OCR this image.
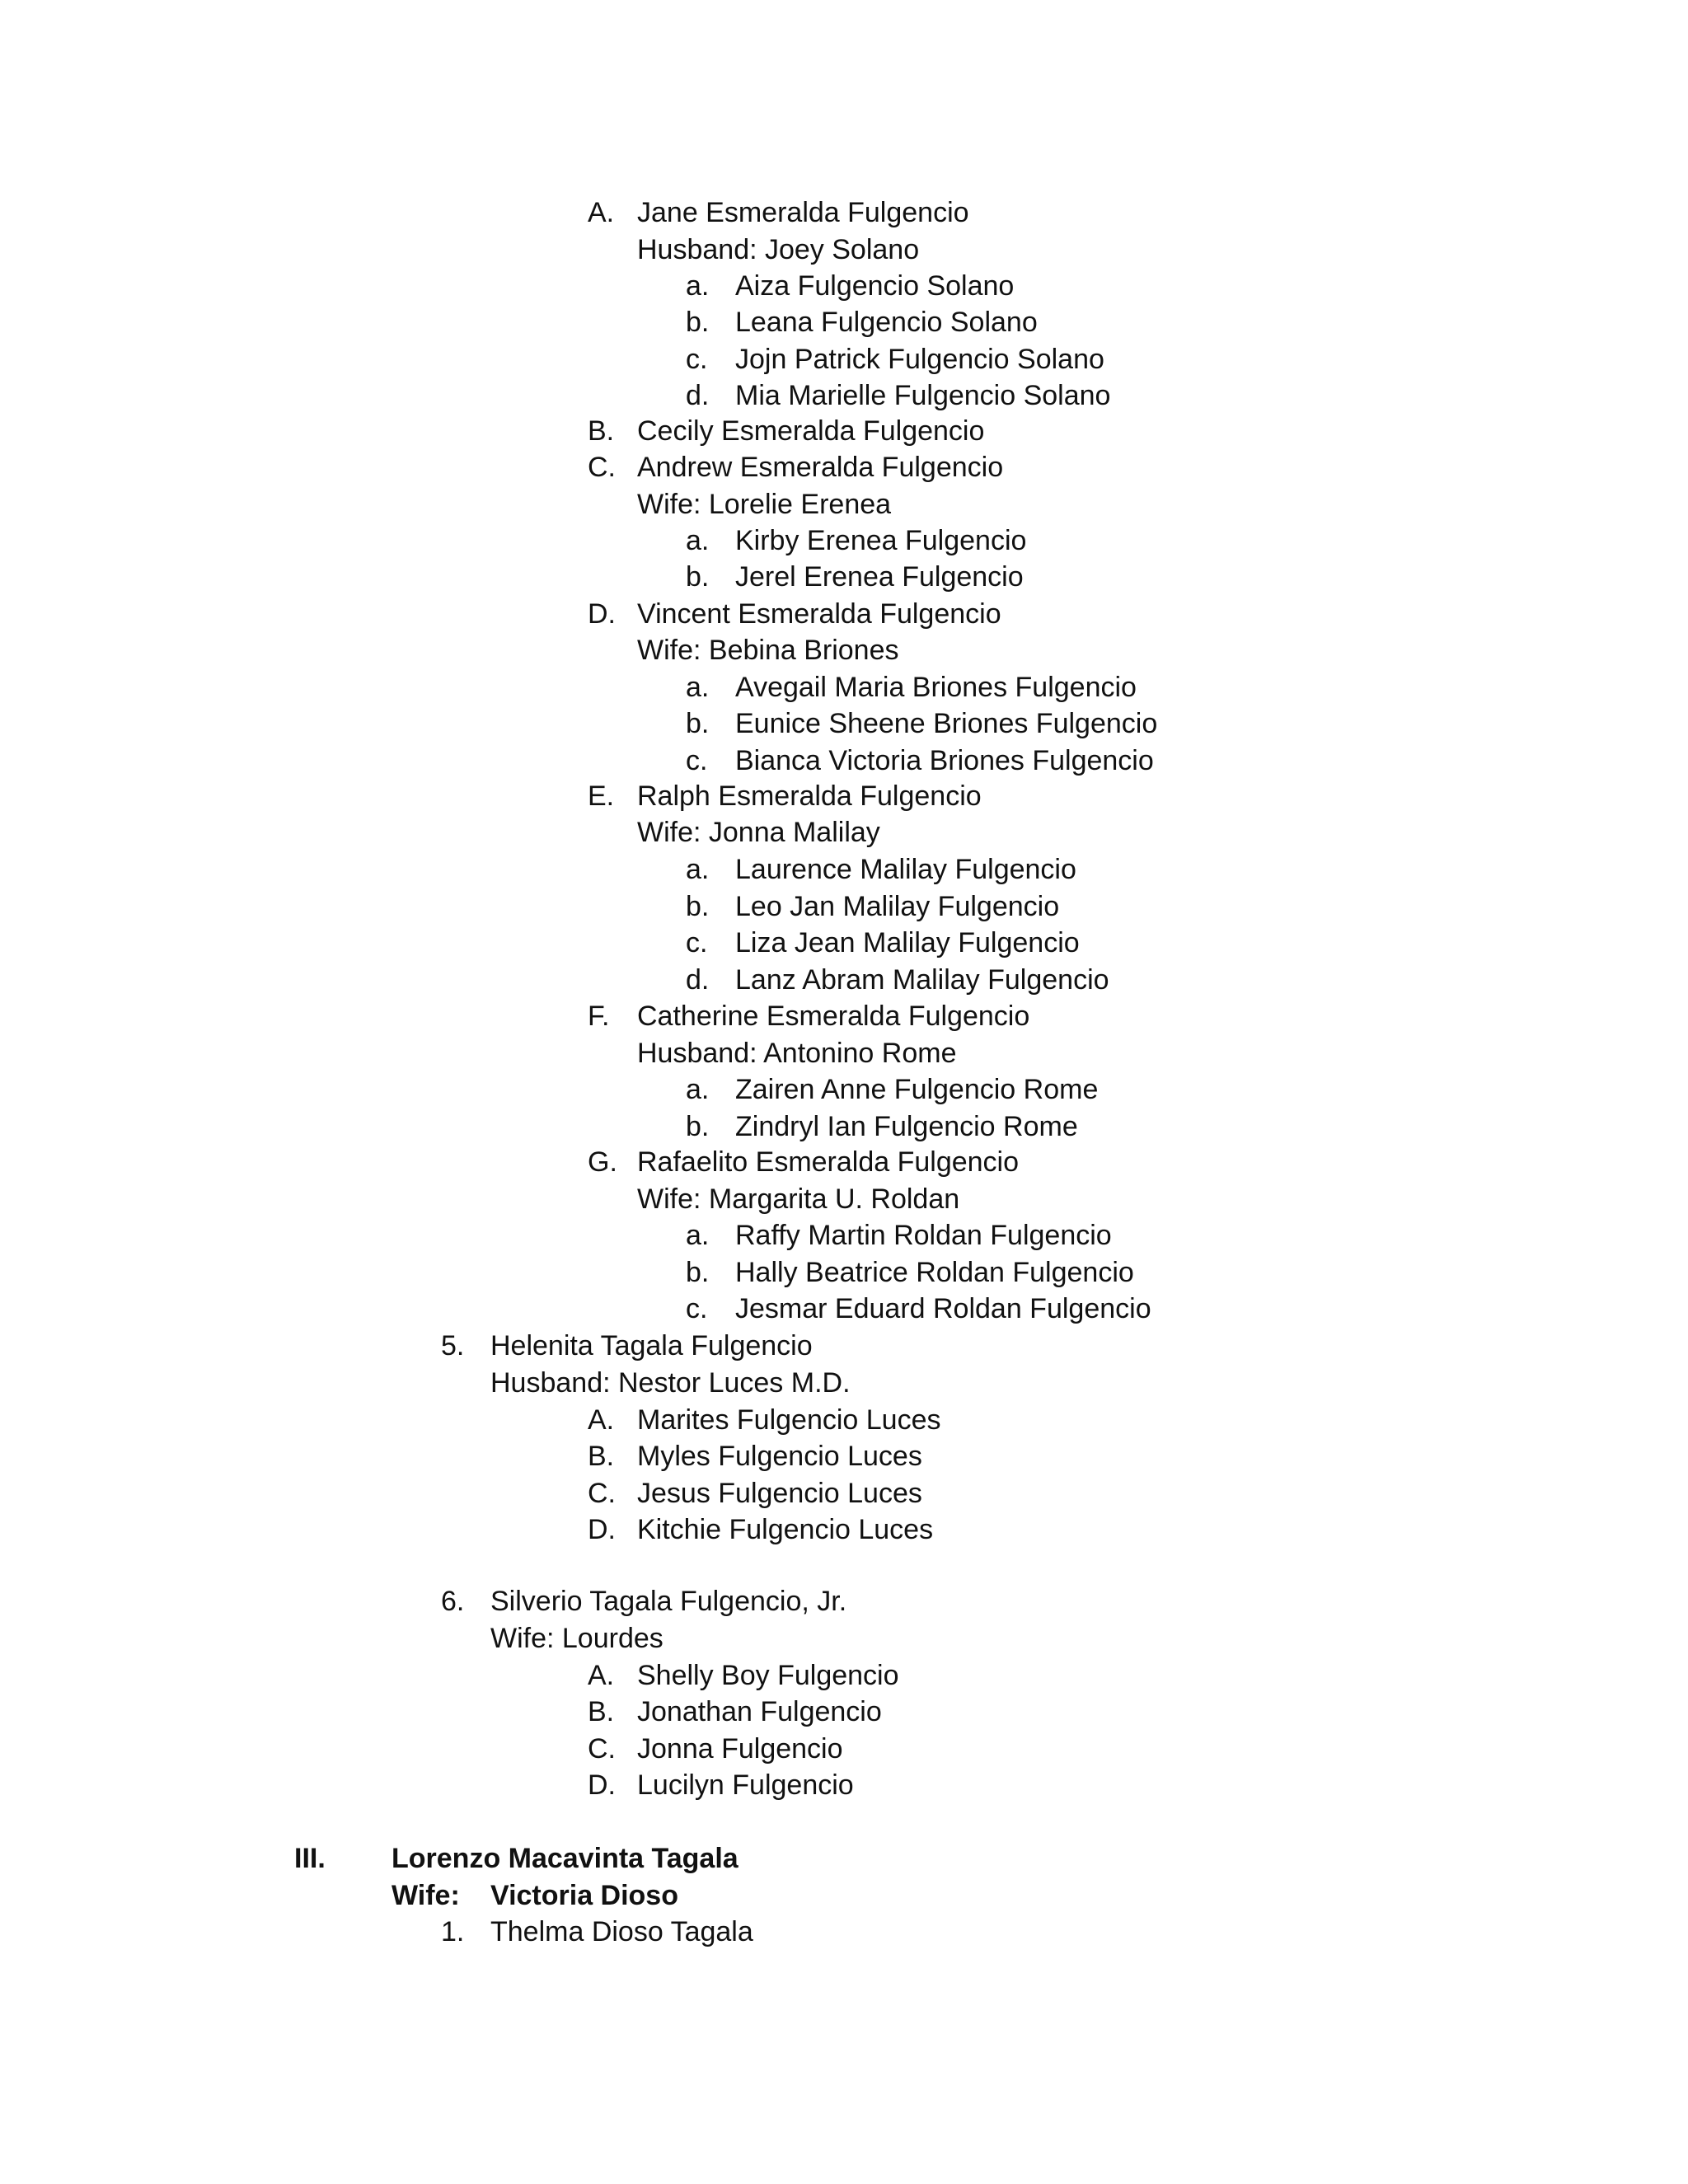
A. Jane Esmeralda Fulgencio
Husband: Joey Solano
a. Aiza Fulgencio Solano
b. Leana Fulgencio Solano
c. Jojn Patrick Fulgencio Solano
d. Mia Marielle Fulgencio Solano
B. Cecily Esmeralda Fulgencio
C. Andrew Esmeralda Fulgencio
Wife: Lorelie Erenea
a. Kirby Erenea Fulgencio
b. Jerel Erenea Fulgencio
D. Vincent Esmeralda Fulgencio
Wife: Bebina Briones
a. Avegail Maria Briones Fulgencio
b. Eunice Sheene Briones Fulgencio
c. Bianca Victoria Briones Fulgencio
E. Ralph Esmeralda Fulgencio
Wife: Jonna Malilay
a. Laurence Malilay Fulgencio
b. Leo Jan Malilay Fulgencio
c. Liza Jean Malilay Fulgencio
d. Lanz Abram Malilay Fulgencio
F. Catherine Esmeralda Fulgencio
Husband: Antonino Rome
a. Zairen Anne Fulgencio Rome
b. Zindryl Ian Fulgencio Rome
G. Rafaelito Esmeralda Fulgencio
Wife: Margarita U. Roldan
a. Raffy Martin Roldan Fulgencio
b. Hally Beatrice Roldan Fulgencio
c. Jesmar Eduard Roldan Fulgencio
5. Helenita Tagala Fulgencio
Husband: Nestor Luces M.D.
A. Marites Fulgencio Luces
B. Myles Fulgencio Luces
C. Jesus Fulgencio Luces
D. Kitchie Fulgencio Luces
6. Silverio Tagala Fulgencio, Jr.
Wife: Lourdes
A. Shelly Boy Fulgencio
B. Jonathan Fulgencio
C. Jonna Fulgencio
D. Lucilyn Fulgencio
III. Lorenzo Macavinta Tagala
Wife: Victoria Dioso
1. Thelma Dioso Tagala
